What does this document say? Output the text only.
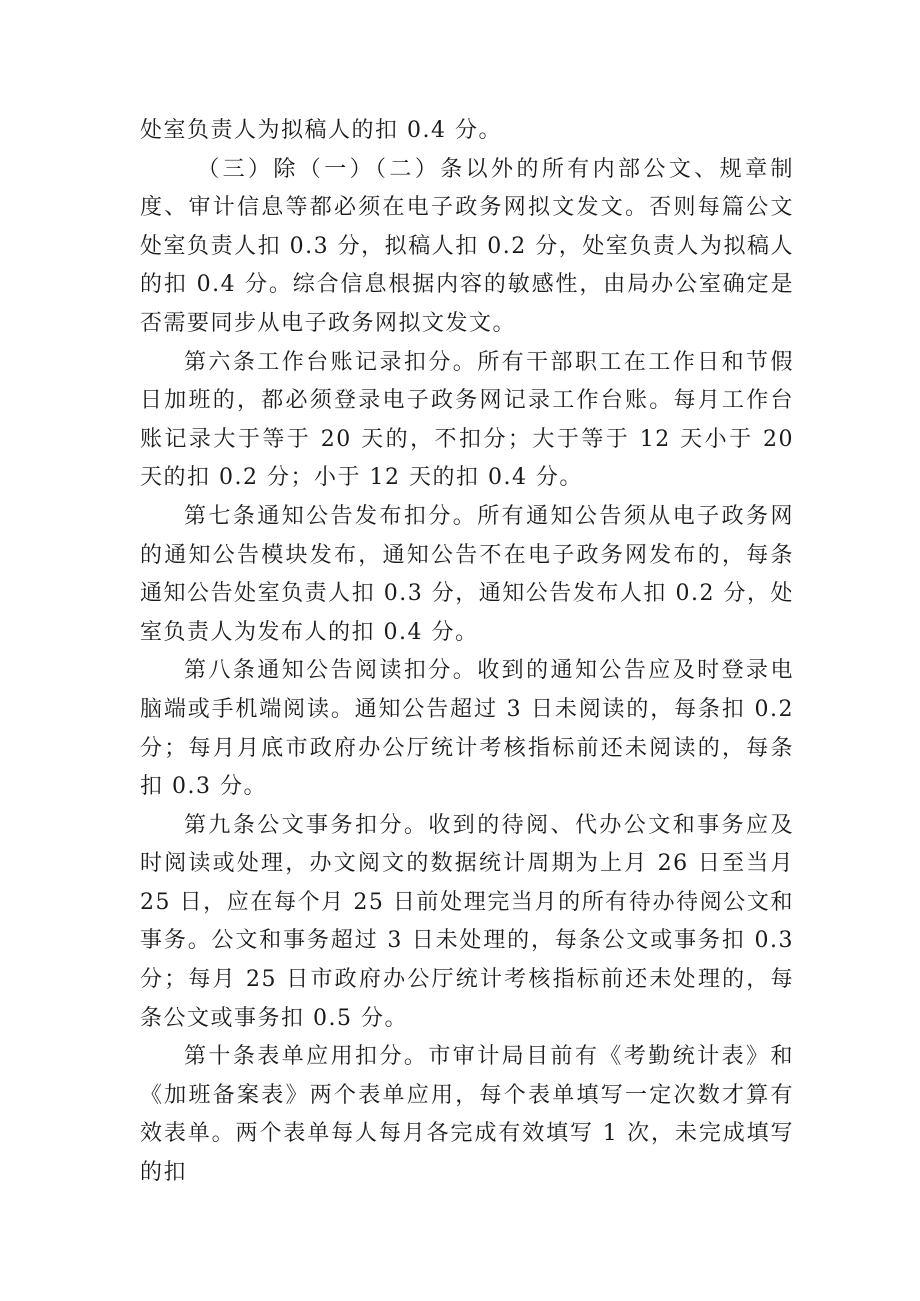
处室负责人为拟稿人的扣 0.4 分。

（三）除（一）（二）条以外的所有内部公文、规章制度、审计信息等都必须在电子政务网拟文发文。否则每篇公文处室负责人扣 0.3 分，拟稿人扣 0.2 分，处室负责人为拟稿人的扣 0.4 分。综合信息根据内容的敏感性，由局办公室确定是否需要同步从电子政务网拟文发文。

第六条工作台账记录扣分。所有干部职工在工作日和节假日加班的，都必须登录电子政务网记录工作台账。每月工作台账记录大于等于 20 天的，不扣分；大于等于 12 天小于 20 天的扣 0.2 分；小于 12 天的扣 0.4 分。

第七条通知公告发布扣分。所有通知公告须从电子政务网的通知公告模块发布，通知公告不在电子政务网发布的，每条通知公告处室负责人扣 0.3 分，通知公告发布人扣 0.2 分，处室负责人为发布人的扣 0.4 分。

第八条通知公告阅读扣分。收到的通知公告应及时登录电脑端或手机端阅读。通知公告超过 3 日未阅读的，每条扣 0.2 分；每月月底市政府办公厅统计考核指标前还未阅读的，每条扣 0.3 分。

第九条公文事务扣分。收到的待阅、代办公文和事务应及时阅读或处理，办文阅文的数据统计周期为上月 26 日至当月 25 日，应在每个月 25 日前处理完当月的所有待办待阅公文和事务。公文和事务超过 3 日未处理的，每条公文或事务扣 0.3 分；每月 25 日市政府办公厅统计考核指标前还未处理的，每条公文或事务扣 0.5 分。

第十条表单应用扣分。市审计局目前有《考勤统计表》和《加班备案表》两个表单应用，每个表单填写一定次数才算有效表单。两个表单每人每月各完成有效填写 1 次，未完成填写的扣
